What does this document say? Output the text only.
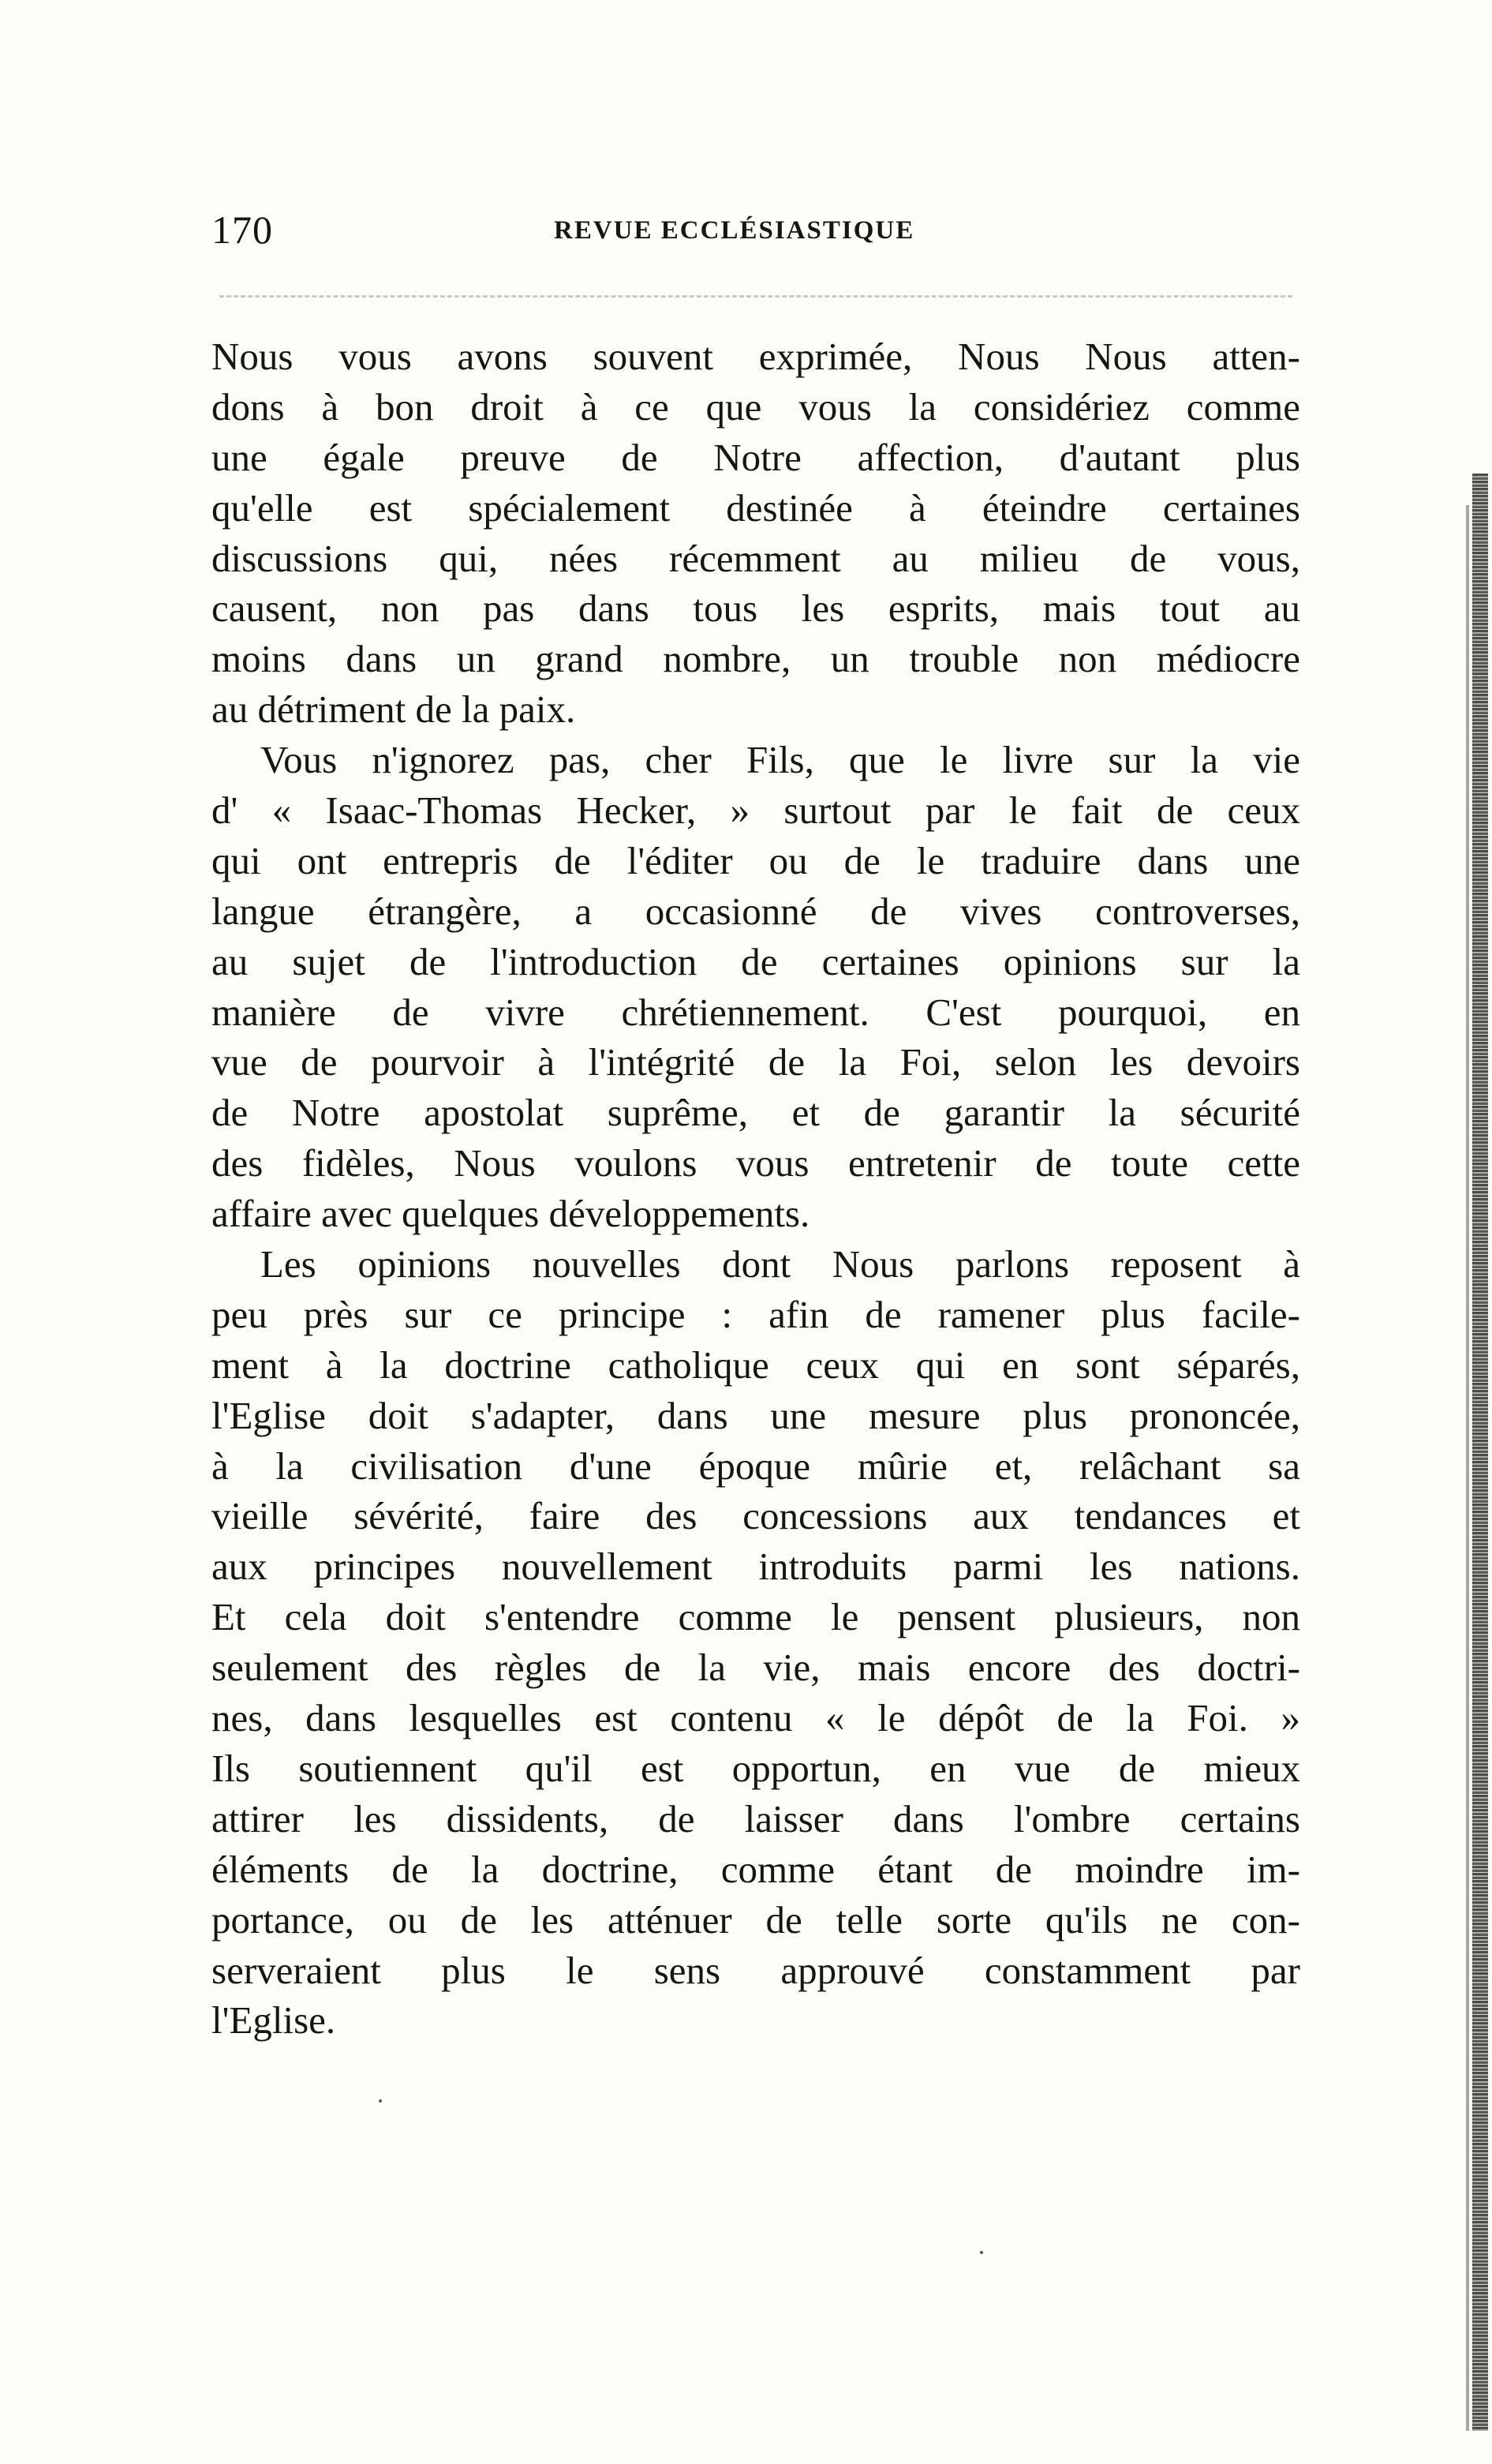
170	REVUE ECCLÉSIASTIQUE
Nous vous avons souvent exprimée, Nous Nous atten-
dons à bon droit à ce que vous la considériez comme
une égale preuve de Notre affection, d'autant plus
qu'elle est spécialement destinée à éteindre certaines
discussions qui, nées récemment au milieu de vous,
causent, non pas dans tous les esprits, mais tout au
moins dans un grand nombre, un trouble non médiocre
au détriment de la paix.
Vous n'ignorez pas, cher Fils, que le livre sur la vie
d' « Isaac-Thomas Hecker, » surtout par le fait de ceux
qui ont entrepris de l'éditer ou de le traduire dans une
langue étrangère, a occasionné de vives controverses,
au sujet de l'introduction de certaines opinions sur la
manière de vivre chrétiennement. C'est pourquoi, en
vue de pourvoir à l'intégrité de la Foi, selon les devoirs
de Notre apostolat suprême, et de garantir la sécurité
des fidèles, Nous voulons vous entretenir de toute cette
affaire avec quelques développements.
Les opinions nouvelles dont Nous parlons reposent à
peu près sur ce principe : afin de ramener plus facile-
ment à la doctrine catholique ceux qui en sont séparés,
l'Eglise doit s'adapter, dans une mesure plus prononcée,
à la civilisation d'une époque mûrie et, relâchant sa
vieille sévérité, faire des concessions aux tendances et
aux principes nouvellement introduits parmi les nations.
Et cela doit s'entendre comme le pensent plusieurs, non
seulement des règles de la vie, mais encore des doctri-
nes, dans lesquelles est contenu « le dépôt de la Foi. »
Ils soutiennent qu'il est opportun, en vue de mieux
attirer les dissidents, de laisser dans l'ombre certains
éléments de la doctrine, comme étant de moindre im-
portance, ou de les atténuer de telle sorte qu'ils ne con-
serveraient plus le sens approuvé constamment par
l'Eglise.
